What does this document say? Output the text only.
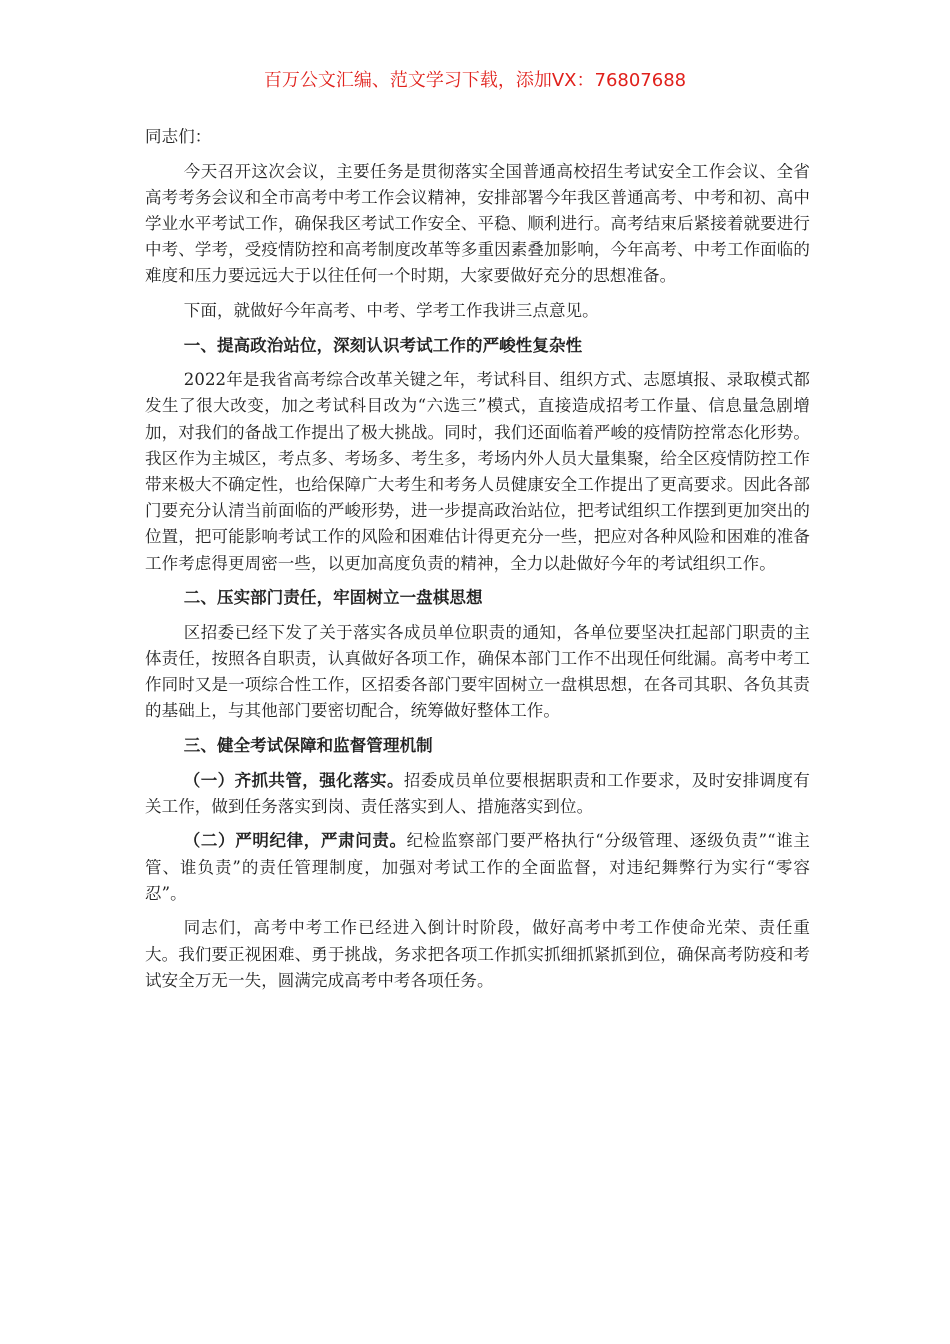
百万公文汇编、范文学习下载，添加VX：76807688

同志们：

今天召开这次会议，主要任务是贯彻落实全国普通高校招生考试安全工作会议、全省高考考务会议和全市高考中考工作会议精神，安排部署今年我区普通高考、中考和初、高中学业水平考试工作，确保我区考试工作安全、平稳、顺利进行。高考结束后紧接着就要进行中考、学考，受疫情防控和高考制度改革等多重因素叠加影响，今年高考、中考工作面临的难度和压力要远远大于以往任何一个时期，大家要做好充分的思想准备。

下面，就做好今年高考、中考、学考工作我讲三点意见。

一、提高政治站位，深刻认识考试工作的严峻性复杂性

2022年是我省高考综合改革关键之年，考试科目、组织方式、志愿填报、录取模式都发生了很大改变，加之考试科目改为“六选三”模式，直接造成招考工作量、信息量急剧增加，对我们的备战工作提出了极大挑战。同时，我们还面临着严峻的疫情防控常态化形势。我区作为主城区，考点多、考场多、考生多，考场内外人员大量集聚，给全区疫情防控工作带来极大不确定性，也给保障广大考生和考务人员健康安全工作提出了更高要求。因此各部门要充分认清当前面临的严峻形势，进一步提高政治站位，把考试组织工作摆到更加突出的位置，把可能影响考试工作的风险和困难估计得更充分一些，把应对各种风险和困难的准备工作考虑得更周密一些，以更加高度负责的精神，全力以赴做好今年的考试组织工作。

二、压实部门责任，牢固树立一盘棋思想

区招委已经下发了关于落实各成员单位职责的通知，各单位要坚决扛起部门职责的主体责任，按照各自职责，认真做好各项工作，确保本部门工作不出现任何纰漏。高考中考工作同时又是一项综合性工作，区招委各部门要牢固树立一盘棋思想，在各司其职、各负其责的基础上，与其他部门要密切配合，统筹做好整体工作。

三、健全考试保障和监督管理机制

（一）齐抓共管，强化落实。招委成员单位要根据职责和工作要求，及时安排调度有关工作，做到任务落实到岗、责任落实到人、措施落实到位。

（二）严明纪律，严肃问责。纪检监察部门要严格执行“分级管理、逐级负责”“谁主管、谁负责”的责任管理制度，加强对考试工作的全面监督，对违纪舞弊行为实行“零容忍”。

同志们，高考中考工作已经进入倒计时阶段，做好高考中考工作使命光荣、责任重大。我们要正视困难、勇于挑战，务求把各项工作抓实抓细抓紧抓到位，确保高考防疫和考试安全万无一失，圆满完成高考中考各项任务。
